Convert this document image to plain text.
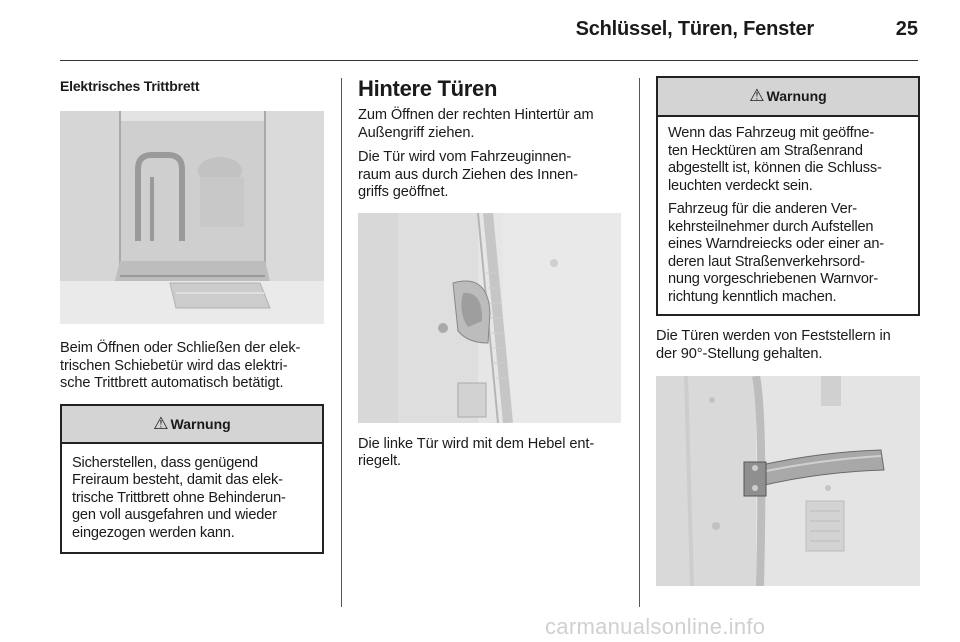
Schlüssel, Türen, Fenster	25
Elektrisches Trittbrett

Beim Öffnen oder Schließen der elek-
trischen Schiebetür wird das elektri-
sche Trittbrett automatisch betätigt.

⚠ Warnung

Sicherstellen, dass genügend
Freiraum besteht, damit das elek-
trische Trittbrett ohne Behinderun-
gen voll ausgefahren und wieder
eingezogen werden kann.

Hintere Türen

Zum Öffnen der rechten Hintertür am
Außengriff ziehen.

Die Tür wird vom Fahrzeuginnen-
raum aus durch Ziehen des Innen-
griffs geöffnet.

Die linke Tür wird mit dem Hebel ent-
riegelt.

⚠ Warnung

Wenn das Fahrzeug mit geöffne-
ten Hecktüren am Straßenrand
abgestellt ist, können die Schluss-
leuchten verdeckt sein.

Fahrzeug für die anderen Ver-
kehrsteilnehmer durch Aufstellen
eines Warndreiecks oder einer an-
deren laut Straßenverkehrsord-
nung vorgeschriebenen Warnvor-
richtung kenntlich machen.

Die Türen werden von Feststellern in
der 90°-Stellung gehalten.

carmanualsonline.info
